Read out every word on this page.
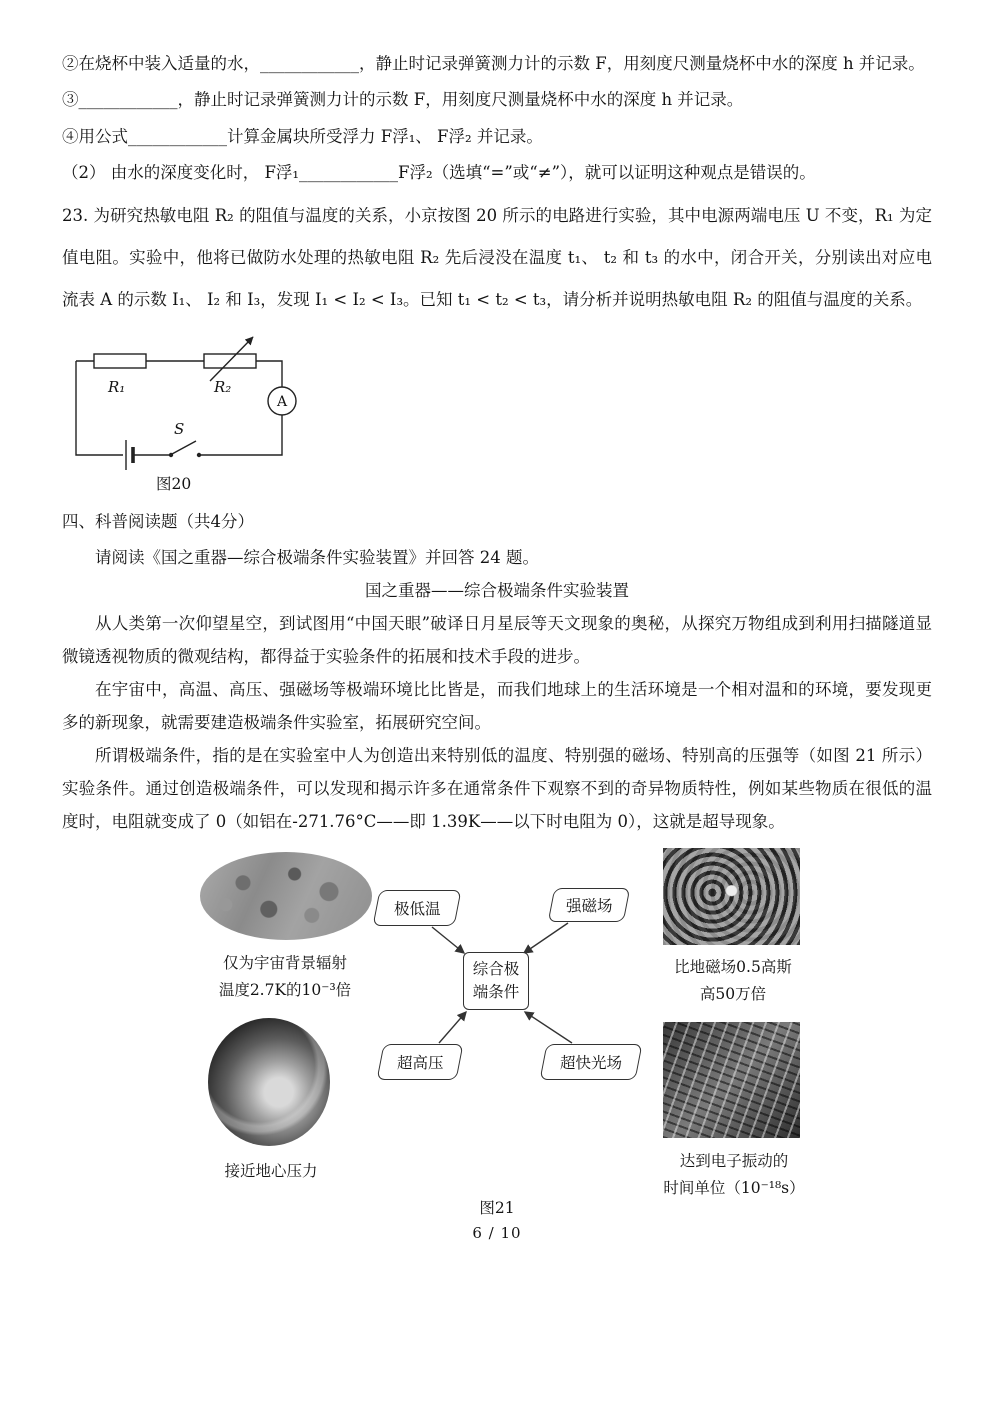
②在烧杯中装入适量的水，____________，静止时记录弹簧测力计的示数 F，用刻度尺测量烧杯中水的深度 h 并记录。

③____________，静止时记录弹簧测力计的示数 F，用刻度尺测量烧杯中水的深度 h 并记录。

④用公式____________计算金属块所受浮力 F浮₁、 F浮₂ 并记录。

（2） 由水的深度变化时， F浮₁____________F浮₂（选填“=”或“≠”），就可以证明这种观点是错误的。

23. 为研究热敏电阻 R₂ 的阻值与温度的关系，小京按图 20 所示的电路进行实验，其中电源两端电压 U 不变，R₁ 为定值电阻。实验中，他将已做防水处理的热敏电阻 R₂ 先后浸没在温度 t₁、 t₂ 和 t₃ 的水中，闭合开关，分别读出对应电流表 A 的示数 I₁、 I₂ 和 I₃，发现 I₁ < I₂ < I₃。已知 t₁ < t₂ < t₃，请分析并说明热敏电阻 R₂ 的阻值与温度的关系。

R₁	R₂
A
S
图20
四、科普阅读题（共4分）

请阅读《国之重器—综合极端条件实验装置》并回答 24 题。

国之重器——综合极端条件实验装置

从人类第一次仰望星空，到试图用“中国天眼”破译日月星辰等天文现象的奥秘，从探究万物组成到利用扫描隧道显微镜透视物质的微观结构，都得益于实验条件的拓展和技术手段的进步。

在宇宙中，高温、高压、强磁场等极端环境比比皆是，而我们地球上的生活环境是一个相对温和的环境，要发现更多的新现象，就需要建造极端条件实验室，拓展研究空间。

所谓极端条件，指的是在实验室中人为创造出来特别低的温度、特别强的磁场、特别高的压强等（如图 21 所示）实验条件。通过创造极端条件，可以发现和揭示许多在通常条件下观察不到的奇异物质特性，例如某些物质在很低的温度时，电阻就变成了 0（如铝在-271.76°C——即 1.39K——以下时电阻为 0），这就是超导现象。

仅为宇宙背景辐射
温度2.7K的10⁻³倍
比地磁场0.5高斯
高50万倍
接近地心压力
达到电子振动的
时间单位（10⁻¹⁸s）
极低温	强磁场
超高压	超快光场
综合极
端条件
图21
6 / 10
